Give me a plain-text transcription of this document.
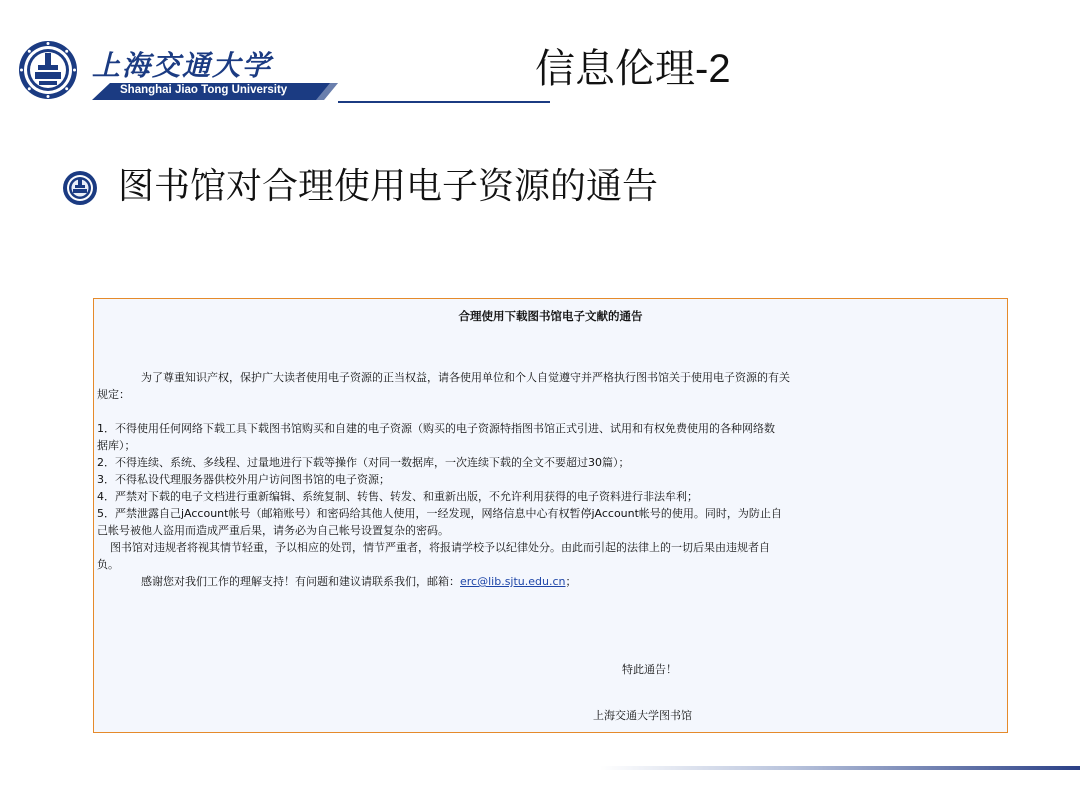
上海交通大学
Shanghai Jiao Tong University	信息伦理-2
图书馆对合理使用电子资源的通告

合理使用下载图书馆电子文献的通告

为了尊重知识产权，保护广大读者使用电子资源的正当权益，请各使用单位和个人自觉遵守并严格执行图书馆关于使用电子资源的有关

规定：

1．不得使用任何网络下载工具下载图书馆购买和自建的电子资源（购买的电子资源特指图书馆正式引进、试用和有权免费使用的各种网络数

据库）；

2．不得连续、系统、多线程、过量地进行下载等操作（对同一数据库，一次连续下载的全文不要超过30篇）；

3．不得私设代理服务器供校外用户访问图书馆的电子资源；

4．严禁对下载的电子文档进行重新编辑、系统复制、转售、转发、和重新出版，不允许利用获得的电子资料进行非法牟利；

5．严禁泄露自己jAccount帐号（邮箱账号）和密码给其他人使用，一经发现，网络信息中心有权暂停jAccount帐号的使用。同时，为防止自

己帐号被他人盗用而造成严重后果，请务必为自己帐号设置复杂的密码。

图书馆对违规者将视其情节轻重，予以相应的处罚，情节严重者，将报请学校予以纪律处分。由此而引起的法律上的一切后果由违规者自

负。

感谢您对我们工作的理解支持！有问题和建议请联系我们，邮箱：erc@lib.sjtu.edu.cn；

特此通告！

上海交通大学图书馆
